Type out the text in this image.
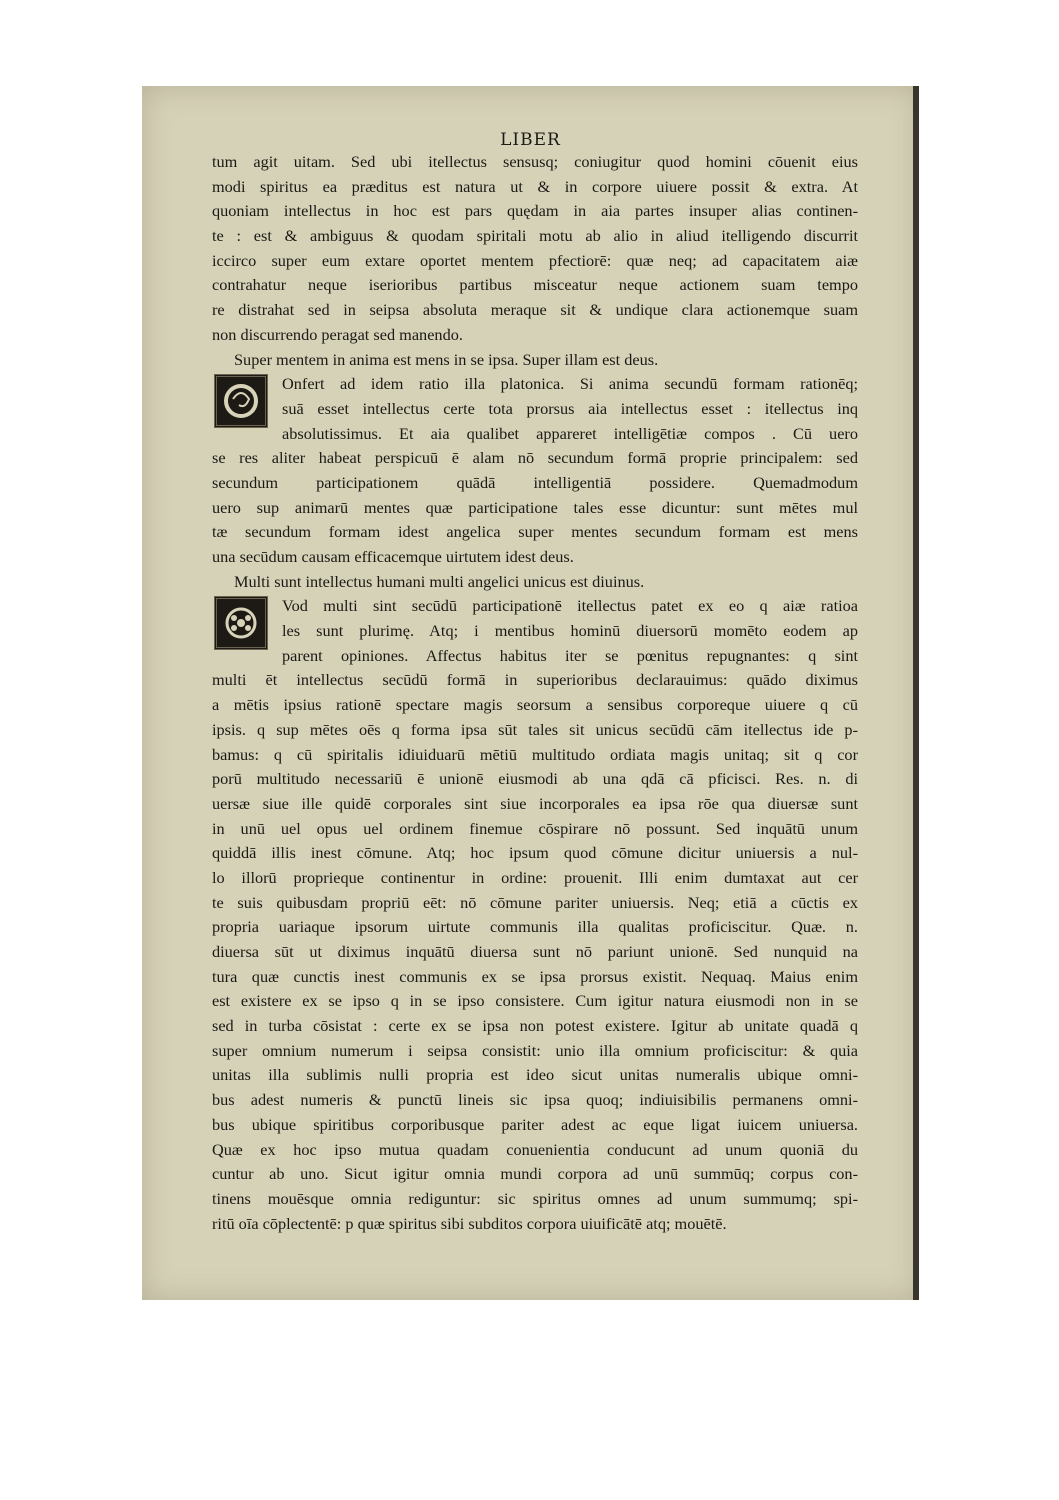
LIBER
tum agit uitam. Sed ubi itellectus sensusq; coniugitur quod homini cōuenit eius
modi spiritus ea præditus est natura ut & in corpore uiuere possit & extra. At
quoniam intellectus in hoc est pars quędam in aia partes insuper alias continen-
te : est & ambiguus & quodam spiritali motu ab alio in aliud itelligendo discurrit
iccirco super eum extare oportet mentem pfectiorē: quæ neq; ad capacitatem aiæ
contrahatur neque iserioribus partibus misceatur neque actionem suam tempo
re distrahat sed in seipsa absoluta meraque sit & undique clara actionemque suam
non discurrendo peragat sed manendo.
Super mentem in anima est mens in se ipsa. Super illam est deus.
Onfert ad idem ratio illa platonica. Si anima secundū formam rationēq;
suā esset intellectus certe tota prorsus aia intellectus esset : itellectus inq
absolutissimus. Et aia qualibet appareret intelligētiæ compos . Cū uero
se res aliter habeat perspicuū ē alam nō secundum formā proprie principalem: sed
secundum participationem quādā intelligentiā possidere. Quemadmodum
uero sup animarū mentes quæ participatione tales esse dicuntur: sunt mētes mul
tæ secundum formam idest angelica super mentes secundum formam est mens
una secūdum causam efficacemque uirtutem idest deus.
Multi sunt intellectus humani multi angelici unicus est diuinus.
Vod multi sint secūdū participationē itellectus patet ex eo q aiæ ratioa
les sunt plurimę. Atq; i mentibus hominū diuersorū momēto eodem ap
parent opiniones. Affectus habitus iter se pœnitus repugnantes: q sint
multi ēt intellectus secūdū formā in superioribus declarauimus: quādo diximus
a mētis ipsius rationē spectare magis seorsum a sensibus corporeque uiuere q cū
ipsis. q sup mētes oēs q forma ipsa sūt tales sit unicus secūdū cām itellectus ide p-
bamus: q cū spiritalis idiuiduarū mētiū multitudo ordiata magis unitaq; sit q cor
porū multitudo necessariū ē unionē eiusmodi ab una qdā cā pficisci. Res. n. di
uersæ siue ille quidē corporales sint siue incorporales ea ipsa rōe qua diuersæ sunt
in unū uel opus uel ordinem finemue cōspirare nō possunt. Sed inquātū unum
quiddā illis inest cōmune. Atq; hoc ipsum quod cōmune dicitur uniuersis a nul-
lo illorū proprieque continentur in ordine: prouenit. Illi enim dumtaxat aut cer
te suis quibusdam propriū eēt: nō cōmune pariter uniuersis. Neq; etiā a cūctis ex
propria uariaque ipsorum uirtute communis illa qualitas proficiscitur. Quæ. n.
diuersa sūt ut diximus inquātū diuersa sunt nō pariunt unionē. Sed nunquid na
tura quæ cunctis inest communis ex se ipsa prorsus existit. Nequaq. Maius enim
est existere ex se ipso q in se ipso consistere. Cum igitur natura eiusmodi non in se
sed in turba cōsistat : certe ex se ipsa non potest existere. Igitur ab unitate quadā q
super omnium numerum i seipsa consistit: unio illa omnium proficiscitur: & quia
unitas illa sublimis nulli propria est ideo sicut unitas numeralis ubique omni-
bus adest numeris & punctū lineis sic ipsa quoq; indiuisibilis permanens omni-
bus ubique spiritibus corporibusque pariter adest ac eque ligat iuicem uniuersa.
Quæ ex hoc ipso mutua quadam conuenientia conducunt ad unum quoniā du
cuntur ab uno. Sicut igitur omnia mundi corpora ad unū summūq; corpus con-
tinens mouēsque omnia rediguntur: sic spiritus omnes ad unum summumq; spi-
ritū oīa cōplectentē: p quæ spiritus sibi subditos corpora uiuificātē atq; mouētē.
